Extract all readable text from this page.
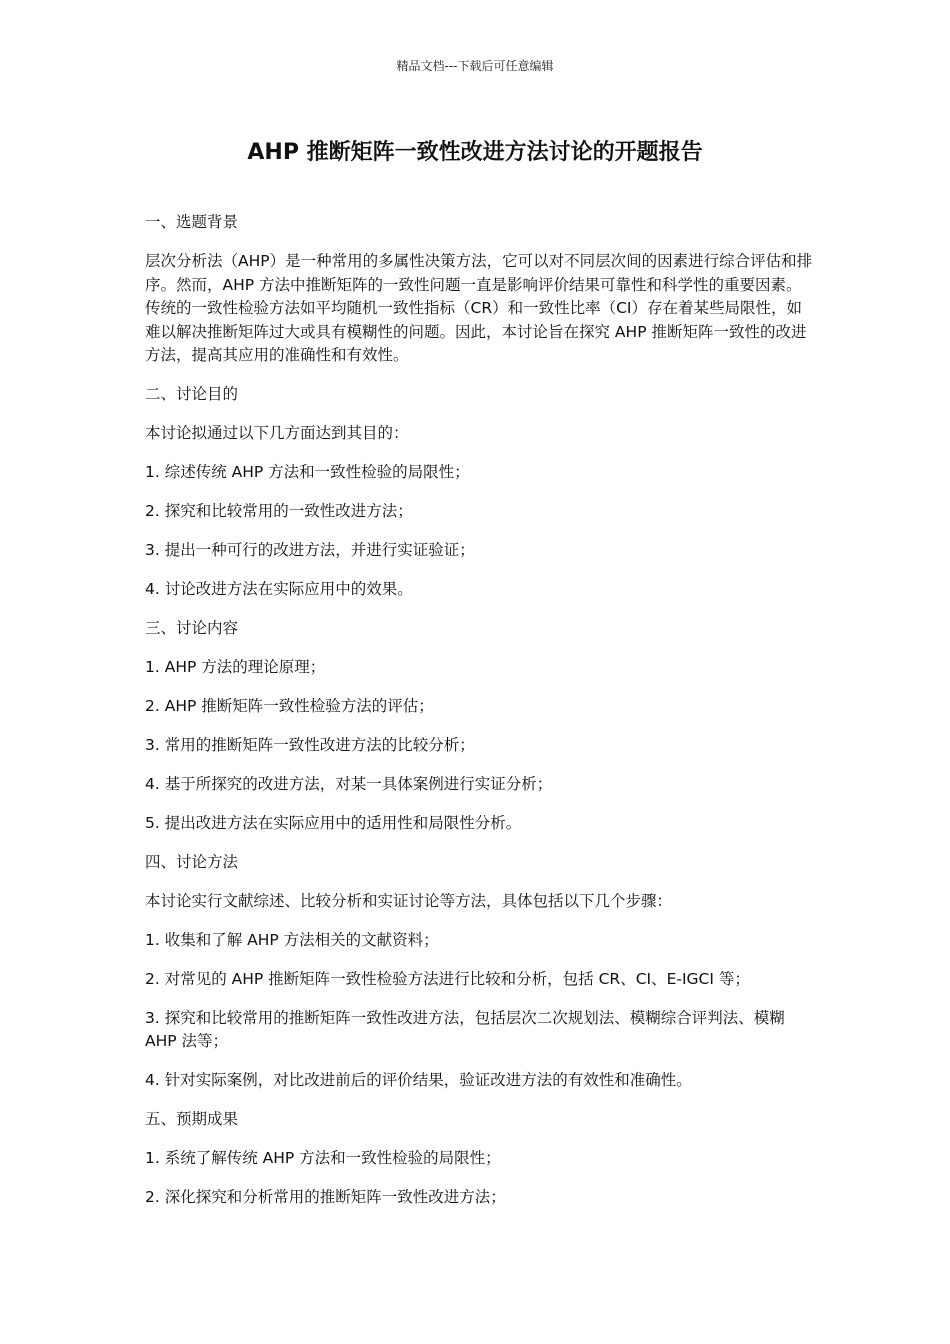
精品文档---下载后可任意编辑
AHP 推断矩阵一致性改进方法讨论的开题报告

一、选题背景

层次分析法（AHP）是一种常用的多属性决策方法，它可以对不同层次间的因素进行综合评估和排序。然而，AHP 方法中推断矩阵的一致性问题一直是影响评价结果可靠性和科学性的重要因素。传统的一致性检验方法如平均随机一致性指标（CR）和一致性比率（CI）存在着某些局限性，如难以解决推断矩阵过大或具有模糊性的问题。因此，本讨论旨在探究 AHP 推断矩阵一致性的改进方法，提高其应用的准确性和有效性。

二、讨论目的

本讨论拟通过以下几方面达到其目的：

1. 综述传统 AHP 方法和一致性检验的局限性；

2. 探究和比较常用的一致性改进方法；

3. 提出一种可行的改进方法，并进行实证验证；

4. 讨论改进方法在实际应用中的效果。

三、讨论内容

1. AHP 方法的理论原理；

2. AHP 推断矩阵一致性检验方法的评估；

3. 常用的推断矩阵一致性改进方法的比较分析；

4. 基于所探究的改进方法，对某一具体案例进行实证分析；

5. 提出改进方法在实际应用中的适用性和局限性分析。

四、讨论方法

本讨论实行文献综述、比较分析和实证讨论等方法，具体包括以下几个步骤：

1. 收集和了解 AHP 方法相关的文献资料；

2. 对常见的 AHP 推断矩阵一致性检验方法进行比较和分析，包括 CR、CI、E-IGCI 等；

3. 探究和比较常用的推断矩阵一致性改进方法，包括层次二次规划法、模糊综合评判法、模糊 AHP 法等；

4. 针对实际案例，对比改进前后的评价结果，验证改进方法的有效性和准确性。

五、预期成果

1. 系统了解传统 AHP 方法和一致性检验的局限性；

2. 深化探究和分析常用的推断矩阵一致性改进方法；
